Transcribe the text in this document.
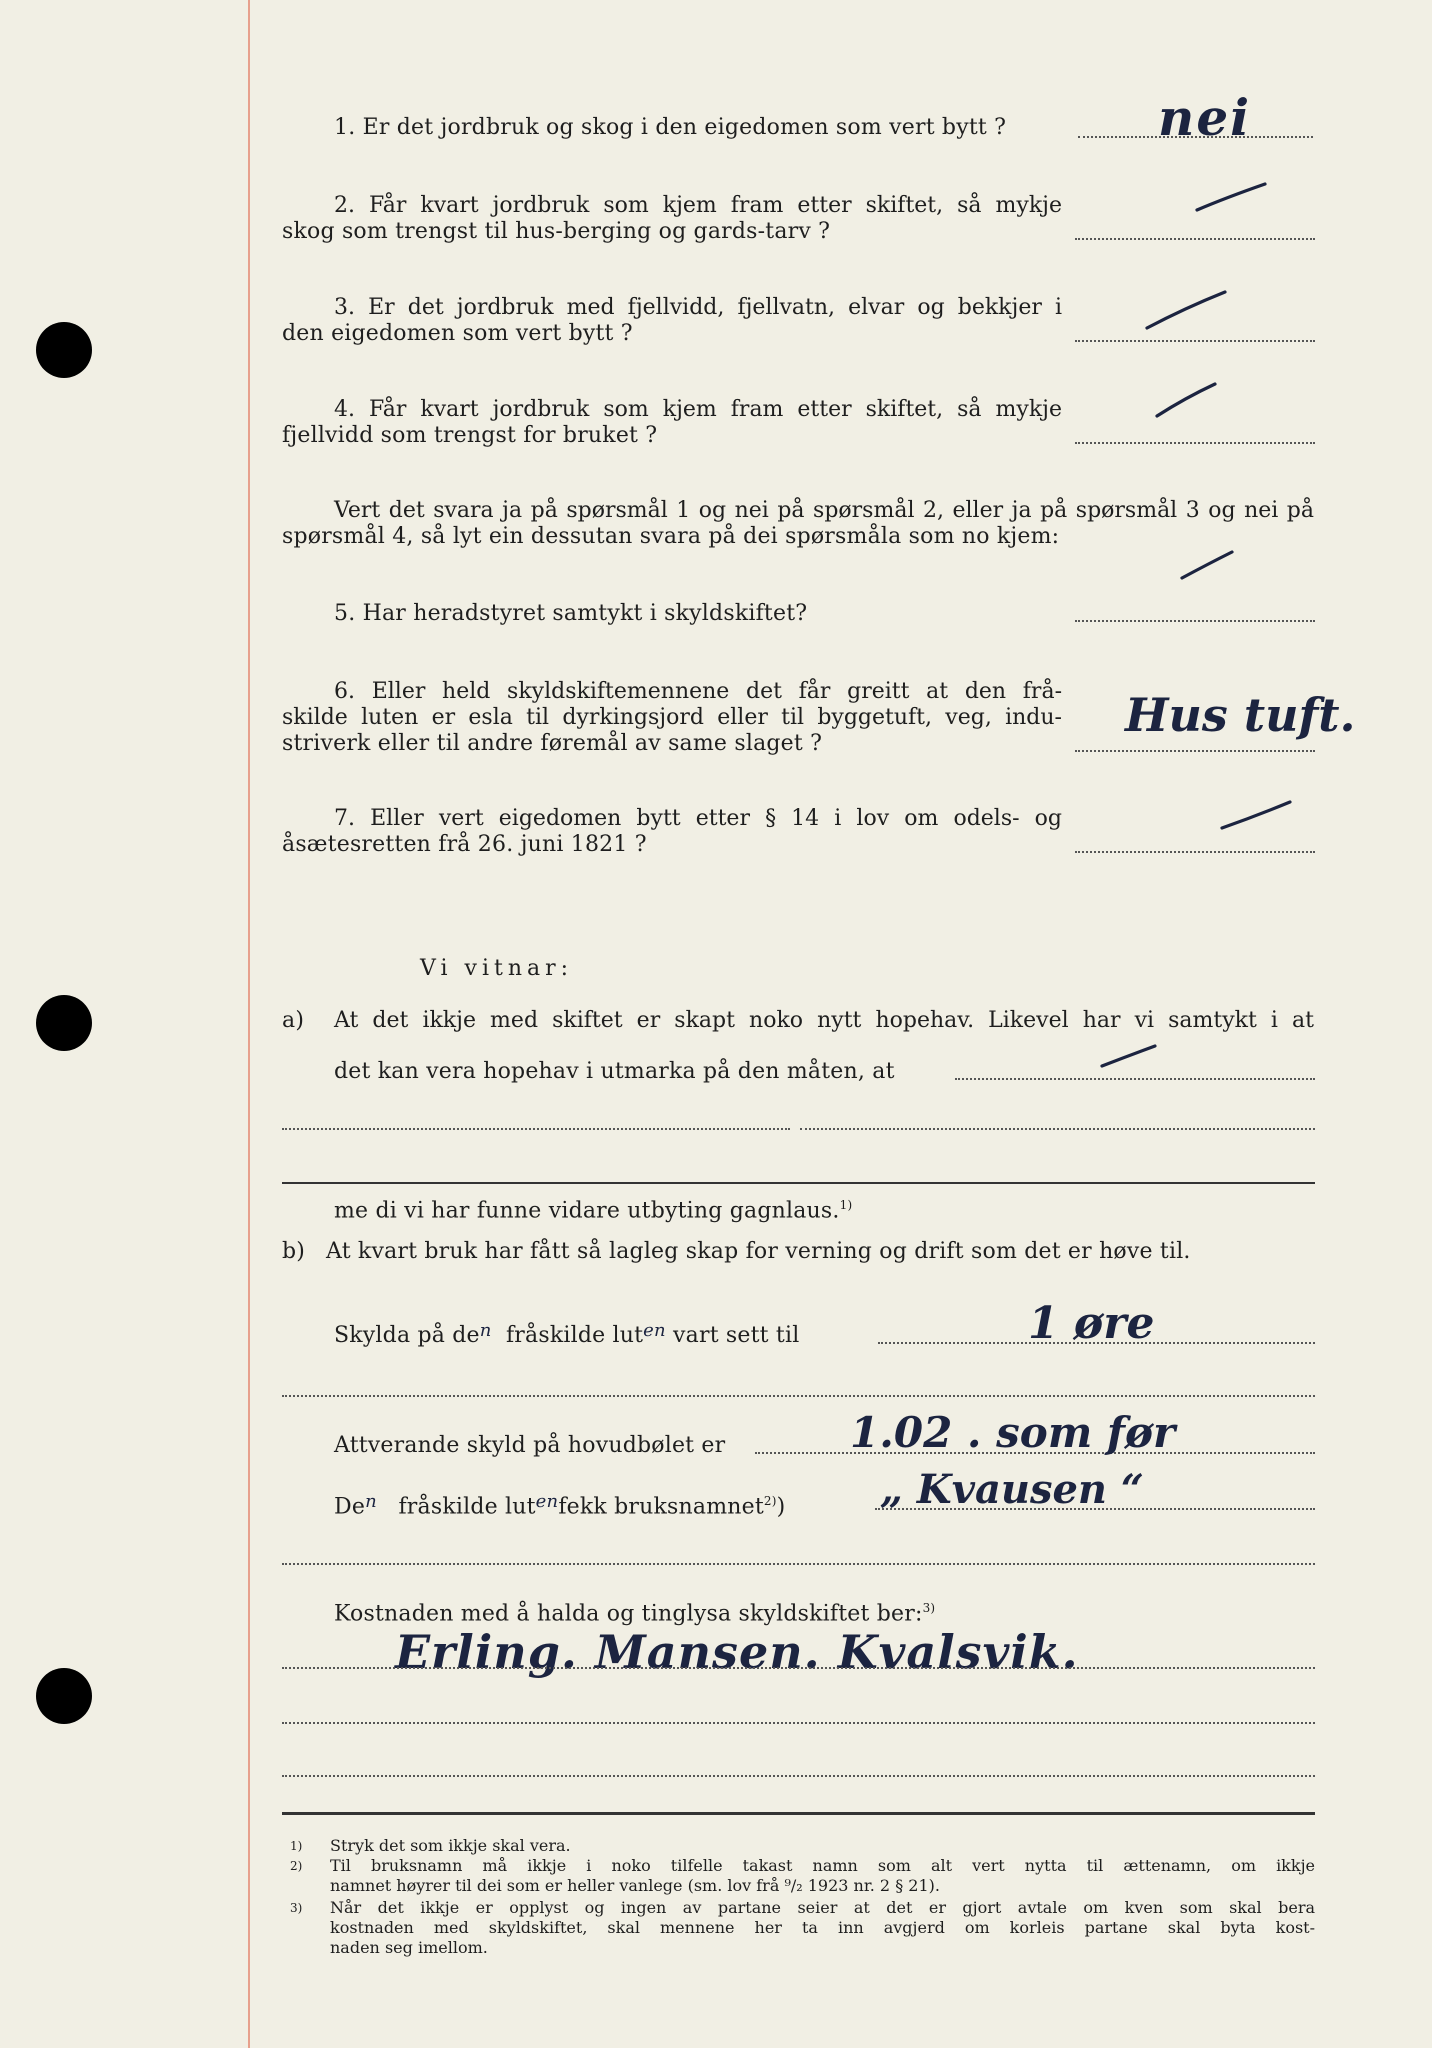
1. Er det jordbruk og skog i den eigedomen som vert bytt ?	nei
2. Får kvart jordbruk som kjem fram etter skiftet, så mykje
skog som trengst til hus-berging og gards-tarv ?
3. Er det jordbruk med fjellvidd, fjellvatn, elvar og bekkjer i
den eigedomen som vert bytt ?
4. Får kvart jordbruk som kjem fram etter skiftet, så mykje
fjellvidd som trengst for bruket ?
Vert det svara ja på spørsmål 1 og nei på spørsmål 2, eller ja på spørsmål 3 og nei på
spørsmål 4, så lyt ein dessutan svara på dei spørsmåla som no kjem:
5. Har heradstyret samtykt i skyldskiftet?
6. Eller held skyldskiftemennene det får greitt at den frå-
skilde luten er esla til dyrkingsjord eller til byggetuft, veg, indu-
striverk eller til andre føremål av same slaget ?
Hus tuft.
7. Eller vert eigedomen bytt etter § 14 i lov om odels- og
åsætesretten frå 26. juni 1821 ?
Vi vitnar:
a) At det ikkje med skiftet er skapt noko nytt hopehav. Likevel har vi samtykt i at
det kan vera hopehav i utmarka på den måten, at
me di vi har funne vidare utbyting gagnlaus.$^{1)}$
b) At kvart bruk har fått så lagleg skap for verning og drift som det er høve til.
Skylda på $de^n$ fråskilde lut$^{en}$ vart sett til	1 øre
Attverande skyld på hovudbølet er	1.02 . som før
De$^n$ fråskilde lut$^{en}$fekk bruksnamnet$^{2)}$) „ Kvausen “
Kostnaden med å halda og tinglysa skyldskiftet ber:$^{3)}$
Erling. Mansen. Kvalsvik.
1) Stryk det som ikkje skal vera.
2) Til bruksnamn må ikkje i noko tilfelle takast namn som alt vert nytta til ættenamn, om ikkje
namnet høyrer til dei som er heller vanlege (sm. lov frå ⁹/₂ 1923 nr. 2 § 21).
3) Når det ikkje er opplyst og ingen av partane seier at det er gjort avtale om kven som skal bera
kostnaden med skyldskiftet, skal mennene her ta inn avgjerd om korleis partane skal byta kost-
naden seg imellom.
